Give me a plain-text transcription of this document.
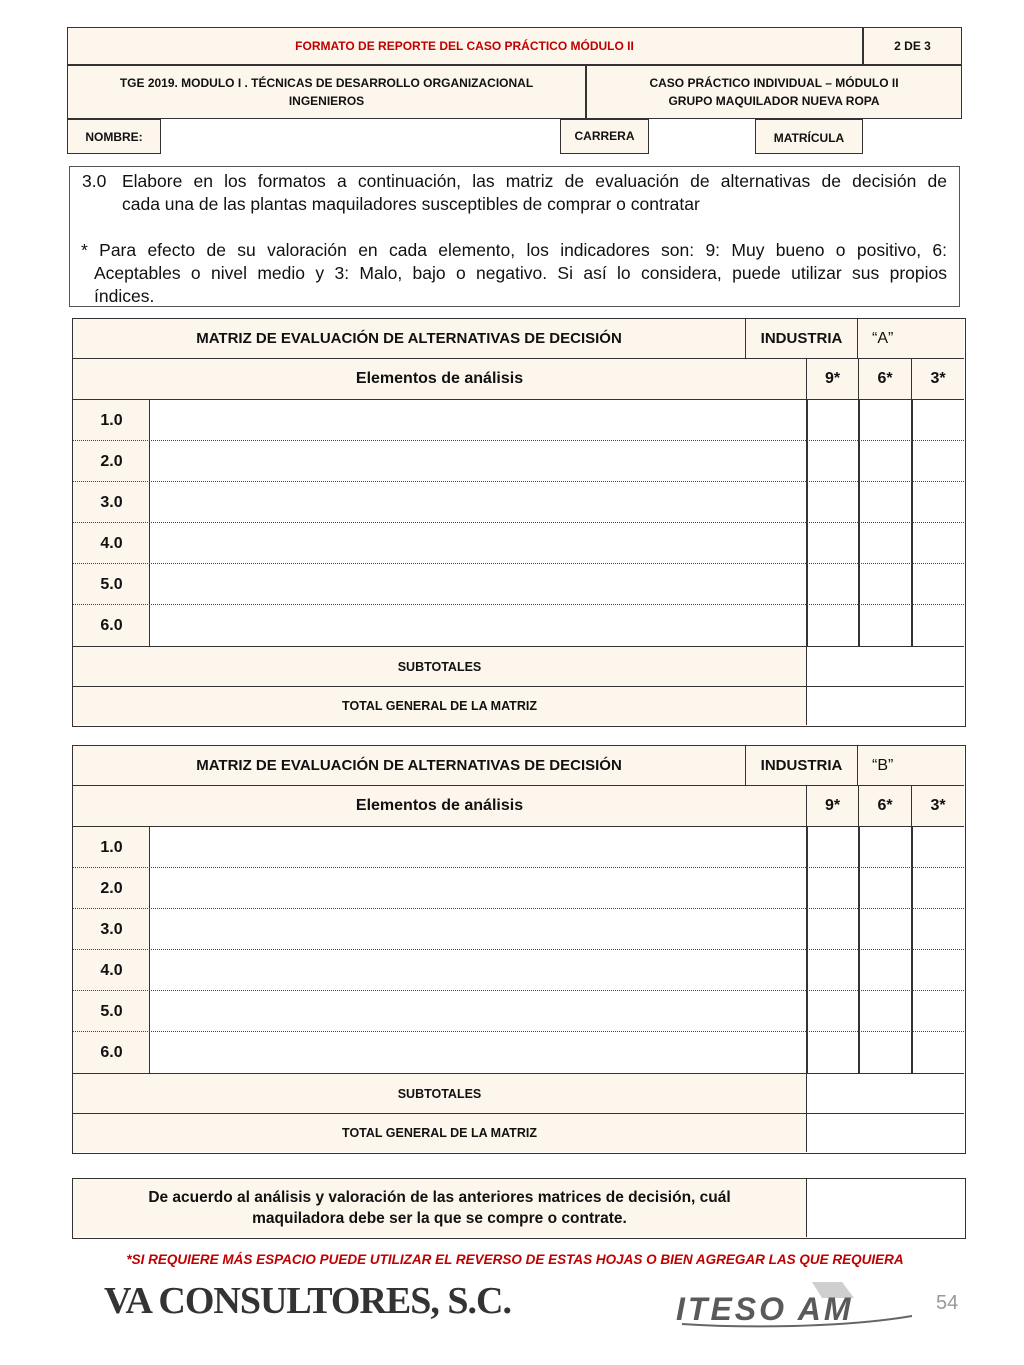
FORMATO DE REPORTE DEL CASO PRÁCTICO MÓDULO II	2 DE 3
TGE 2019. MODULO I . TÉCNICAS DE DESARROLLO ORGANIZACIONAL
INGENIEROS
CASO PRÁCTICO INDIVIDUAL – MÓDULO II
GRUPO MAQUILADOR NUEVA ROPA
NOMBRE:	CARRERA	MATRÍCULA
3.0 Elabore en los formatos a continuación, las matriz de evaluación de alternativas de decisión de
cada una de las plantas maquiladores susceptibles de comprar o contratar
* Para efecto de su valoración en cada elemento, los indicadores son: 9: Muy bueno o positivo, 6:
Aceptables o nivel medio y 3: Malo, bajo o negativo. Si así lo considera, puede utilizar sus propios
índices.
MATRIZ DE EVALUACIÓN DE ALTERNATIVAS DE DECISIÓN	INDUSTRIA	“A”
Elementos de análisis	9*	6*	3*
1.0
2.0
3.0
4.0
5.0
6.0
SUBTOTALES
TOTAL GENERAL DE LA MATRIZ
MATRIZ DE EVALUACIÓN DE ALTERNATIVAS DE DECISIÓN	INDUSTRIA	“B”
Elementos de análisis	9*	6*	3*
1.0
2.0
3.0
4.0
5.0
6.0
SUBTOTALES
TOTAL GENERAL DE LA MATRIZ
De acuerdo al análisis y valoración de las anteriores matrices de decisión, cuál
maquiladora debe ser la que se compre o contrate.
*SI REQUIERE MÁS ESPACIO PUEDE UTILIZAR EL REVERSO DE ESTAS HOJAS O BIEN AGREGAR LAS QUE REQUIERA
VA CONSULTORES, S.C.	ITESO AM	54
